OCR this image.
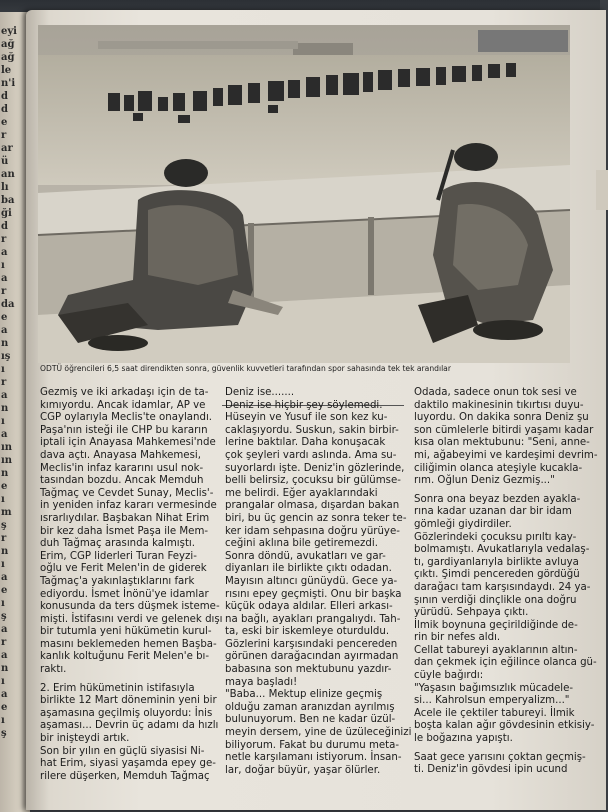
eyi
ağ
ağ
le
n'i
d
d
e
r
ar
ü
an
lı
ba
ği
d
r
a
ı
a
r
da
e
a
n
ış
ı
r
a
n
ı
a
ın
ın
n
e
ı
m
ş
r
n
ı
a
e
ı
ş
a
r
a
n
ı
a
e
ı
ş
ODTÜ öğrencileri 6,5 saat direndikten sonra, güvenlik kuvvetleri tarafından spor sahasında tek tek arandılar
Gezmiş ve iki arkadaşı için de ta-
kımıyordu. Ancak idamlar, AP ve
CGP oylarıyla Meclis'te onaylandı.
Paşa'nın isteği ile CHP bu kararın
iptali için Anayasa Mahkemesi'nde
dava açtı. Anayasa Mahkemesi,
Meclis'in infaz kararını usul nok-
tasından bozdu. Ancak Memduh
Tağmaç ve Cevdet Sunay, Meclis'-
in yeniden infaz kararı vermesinde
ısrarlıydılar. Başbakan Nihat Erim
bir kez daha İsmet Paşa ile Mem-
duh Tağmaç arasında kalmıştı.
Erim, CGP liderleri Turan Feyzi-
oğlu ve Ferit Melen'in de giderek
Tağmaç'a yakınlaştıklarını fark
ediyordu. İsmet İnönü'ye idamlar
konusunda da ters düşmek isteme-
mişti. İstifasını verdi ve gelenek dışı
bir tutumla yeni hükümetin kurul-
masını beklemeden hemen Başba-
kanlık koltuğunu Ferit Melen'e bı-
raktı.
2. Erim hükümetinin istifasıyla
birlikte 12 Mart döneminin yeni bir
aşamasına geçilmiş oluyordu: İnis
aşaması... Devrin üç adamı da hızlı
bir inişteydi artık.
Son bir yılın en güçlü siyasisi Ni-
hat Erim, siyasi yaşamda epey ge-
rilere düşerken, Memduh Tağmaç
Deniz ise.......
Deniz ise hiçbir şey söylemedi.
Hüseyin ve Yusuf ile son kez ku-
caklaşıyordu. Suskun, sakin birbir-
lerine baktılar. Daha konuşacak
çok şeyleri vardı aslında. Ama su-
suyorlardı işte. Deniz'in gözlerinde,
belli belirsiz, çocuksu bir gülümse-
me belirdi. Eğer ayaklarındaki
prangalar olmasa, dışardan bakan
biri, bu üç gencin az sonra teker te-
ker idam sehpasına doğru yürüye-
ceğini aklına bile getiremezdi.
Sonra döndü, avukatları ve gar-
diyanları ile birlikte çıktı odadan.
Mayısın altıncı günüydü. Gece ya-
rısını epey geçmişti. Onu bir başka
küçük odaya aldılar. Elleri arkası-
na bağlı, ayakları prangalıydı. Tah-
ta, eski bir iskemleye oturduldu.
Gözlerini karşısındaki pencereden
görünen darağacından ayırmadan
babasına son mektubunu yazdır-
maya başladı!
"Baba... Mektup elinize geçmiş
olduğu zaman aranızdan ayrılmış
bulunuyorum. Ben ne kadar üzül-
meyin dersem, yine de üzüleceğinizi
biliyorum. Fakat bu durumu meta-
netle karşılamanı istiyorum. İnsan-
lar, doğar büyür, yaşar ölürler.
Odada, sadece onun tok sesi ve
daktilo makinesinin tıkırtısı duyu-
luyordu. On dakika sonra Deniz şu
son cümlelerle bitirdi yaşamı kadar
kısa olan mektubunu: "Seni, anne-
mi, ağabeyimi ve kardeşimi devrim-
ciliğimin olanca ateşiyle kucakla-
rım. Oğlun Deniz Gezmiş..."
Sonra ona beyaz bezden ayakla-
rına kadar uzanan dar bir idam
gömleği giydirdiler.
Gözlerindeki çocuksu pırıltı kay-
bolmamıştı. Avukatlarıyla vedalaş-
tı, gardiyanlarıyla birlikte avluya
çıktı. Şimdi pencereden gördüğü
darağacı tam karşısındaydı. 24 ya-
şının verdiği dinçlikle ona doğru
yürüdü. Sehpaya çıktı.
İlmik boynuna geçirildiğinde de-
rin bir nefes aldı.
Cellat tabureyi ayaklarının altın-
dan çekmek için eğilince olanca gü-
cüyle bağırdı:
"Yaşasın bağımsızlık mücadele-
si... Kahrolsun emperyalizm..."
Acele ile çektiler tabureyi. İlmik
boşta kalan ağır gövdesinin etkisiy-
le boğazına yapıştı.
Saat gece yarısını çoktan geçmiş-
ti. Deniz'in gövdesi ipin ucund
